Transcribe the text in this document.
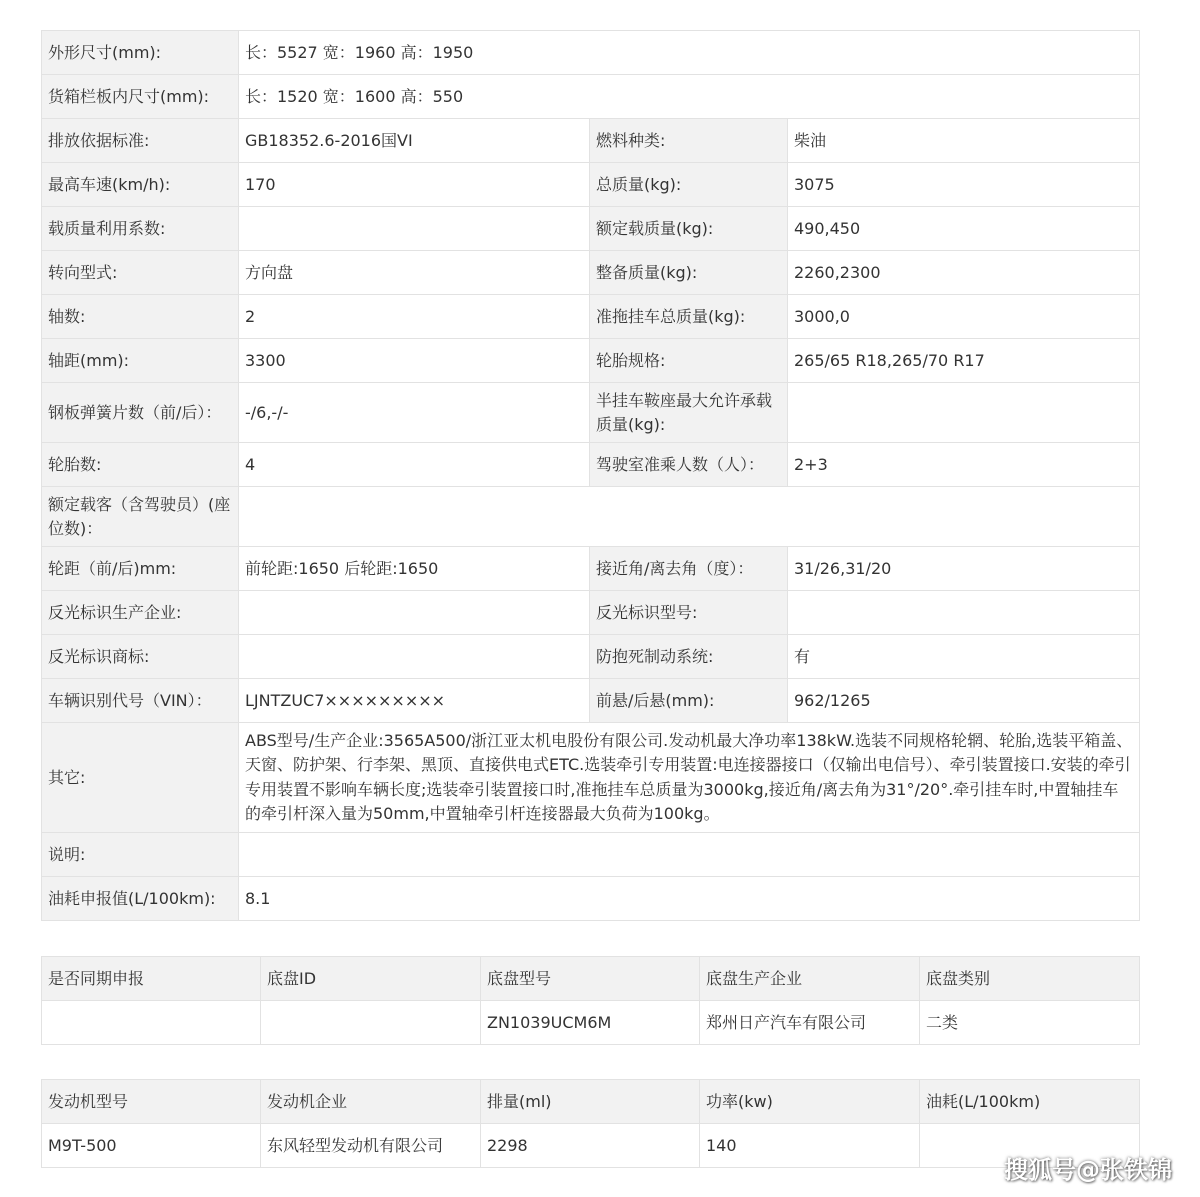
外形尺寸(mm):	长：5527 宽：1960 高：1950		
货箱栏板内尺寸(mm):	长：1520 宽：1600 高：550		
排放依据标准:	GB18352.6-2016国VI	燃料种类:	柴油
最高车速(km/h):	170	总质量(kg):	3075
载质量利用系数:		额定载质量(kg):	490,450
转向型式:	方向盘	整备质量(kg):	2260,2300
轴数:	2	准拖挂车总质量(kg):	3000,0
轴距(mm):	3300	轮胎规格:	265/65 R18,265/70 R17
钢板弹簧片数（前/后）：	-/6,-/-	半挂车鞍座最大允许承载质量(kg):	
轮胎数:	4	驾驶室准乘人数（人）：	2+3
额定载客（含驾驶员）(座位数)：			
轮距（前/后)mm:	前轮距:1650 后轮距:1650	接近角/离去角（度）：	31/26,31/20
反光标识生产企业:		反光标识型号:	
反光标识商标:		防抱死制动系统:	有
车辆识别代号（VIN）：	LJNTZUC7×××××××××	前悬/后悬(mm):	962/1265
其它:	ABS型号/生产企业:3565A500/浙江亚太机电股份有限公司.发动机最大净功率138kW.选装不同规格轮辋、轮胎,选装平箱盖、天窗、防护架、行李架、黑顶、直接供电式ETC.选装牵引专用装置:电连接器接口（仅输出电信号）、牵引装置接口.安装的牵引专用装置不影响车辆长度;选装牵引装置接口时,准拖挂车总质量为3000kg,接近角/离去角为31°/20°.牵引挂车时,中置轴挂车的牵引杆深入量为50mm,中置轴牵引杆连接器最大负荷为100kg。		
说明:			
油耗申报值(L/100km):	8.1		
是否同期申报	底盘ID	底盘型号	底盘生产企业	底盘类别
		ZN1039UCM6M	郑州日产汽车有限公司	二类
发动机型号	发动机企业	排量(ml)	功率(kw)	油耗(L/100km)
M9T-500	东风轻型发动机有限公司	2298	140	
搜狐号@张铁锦
